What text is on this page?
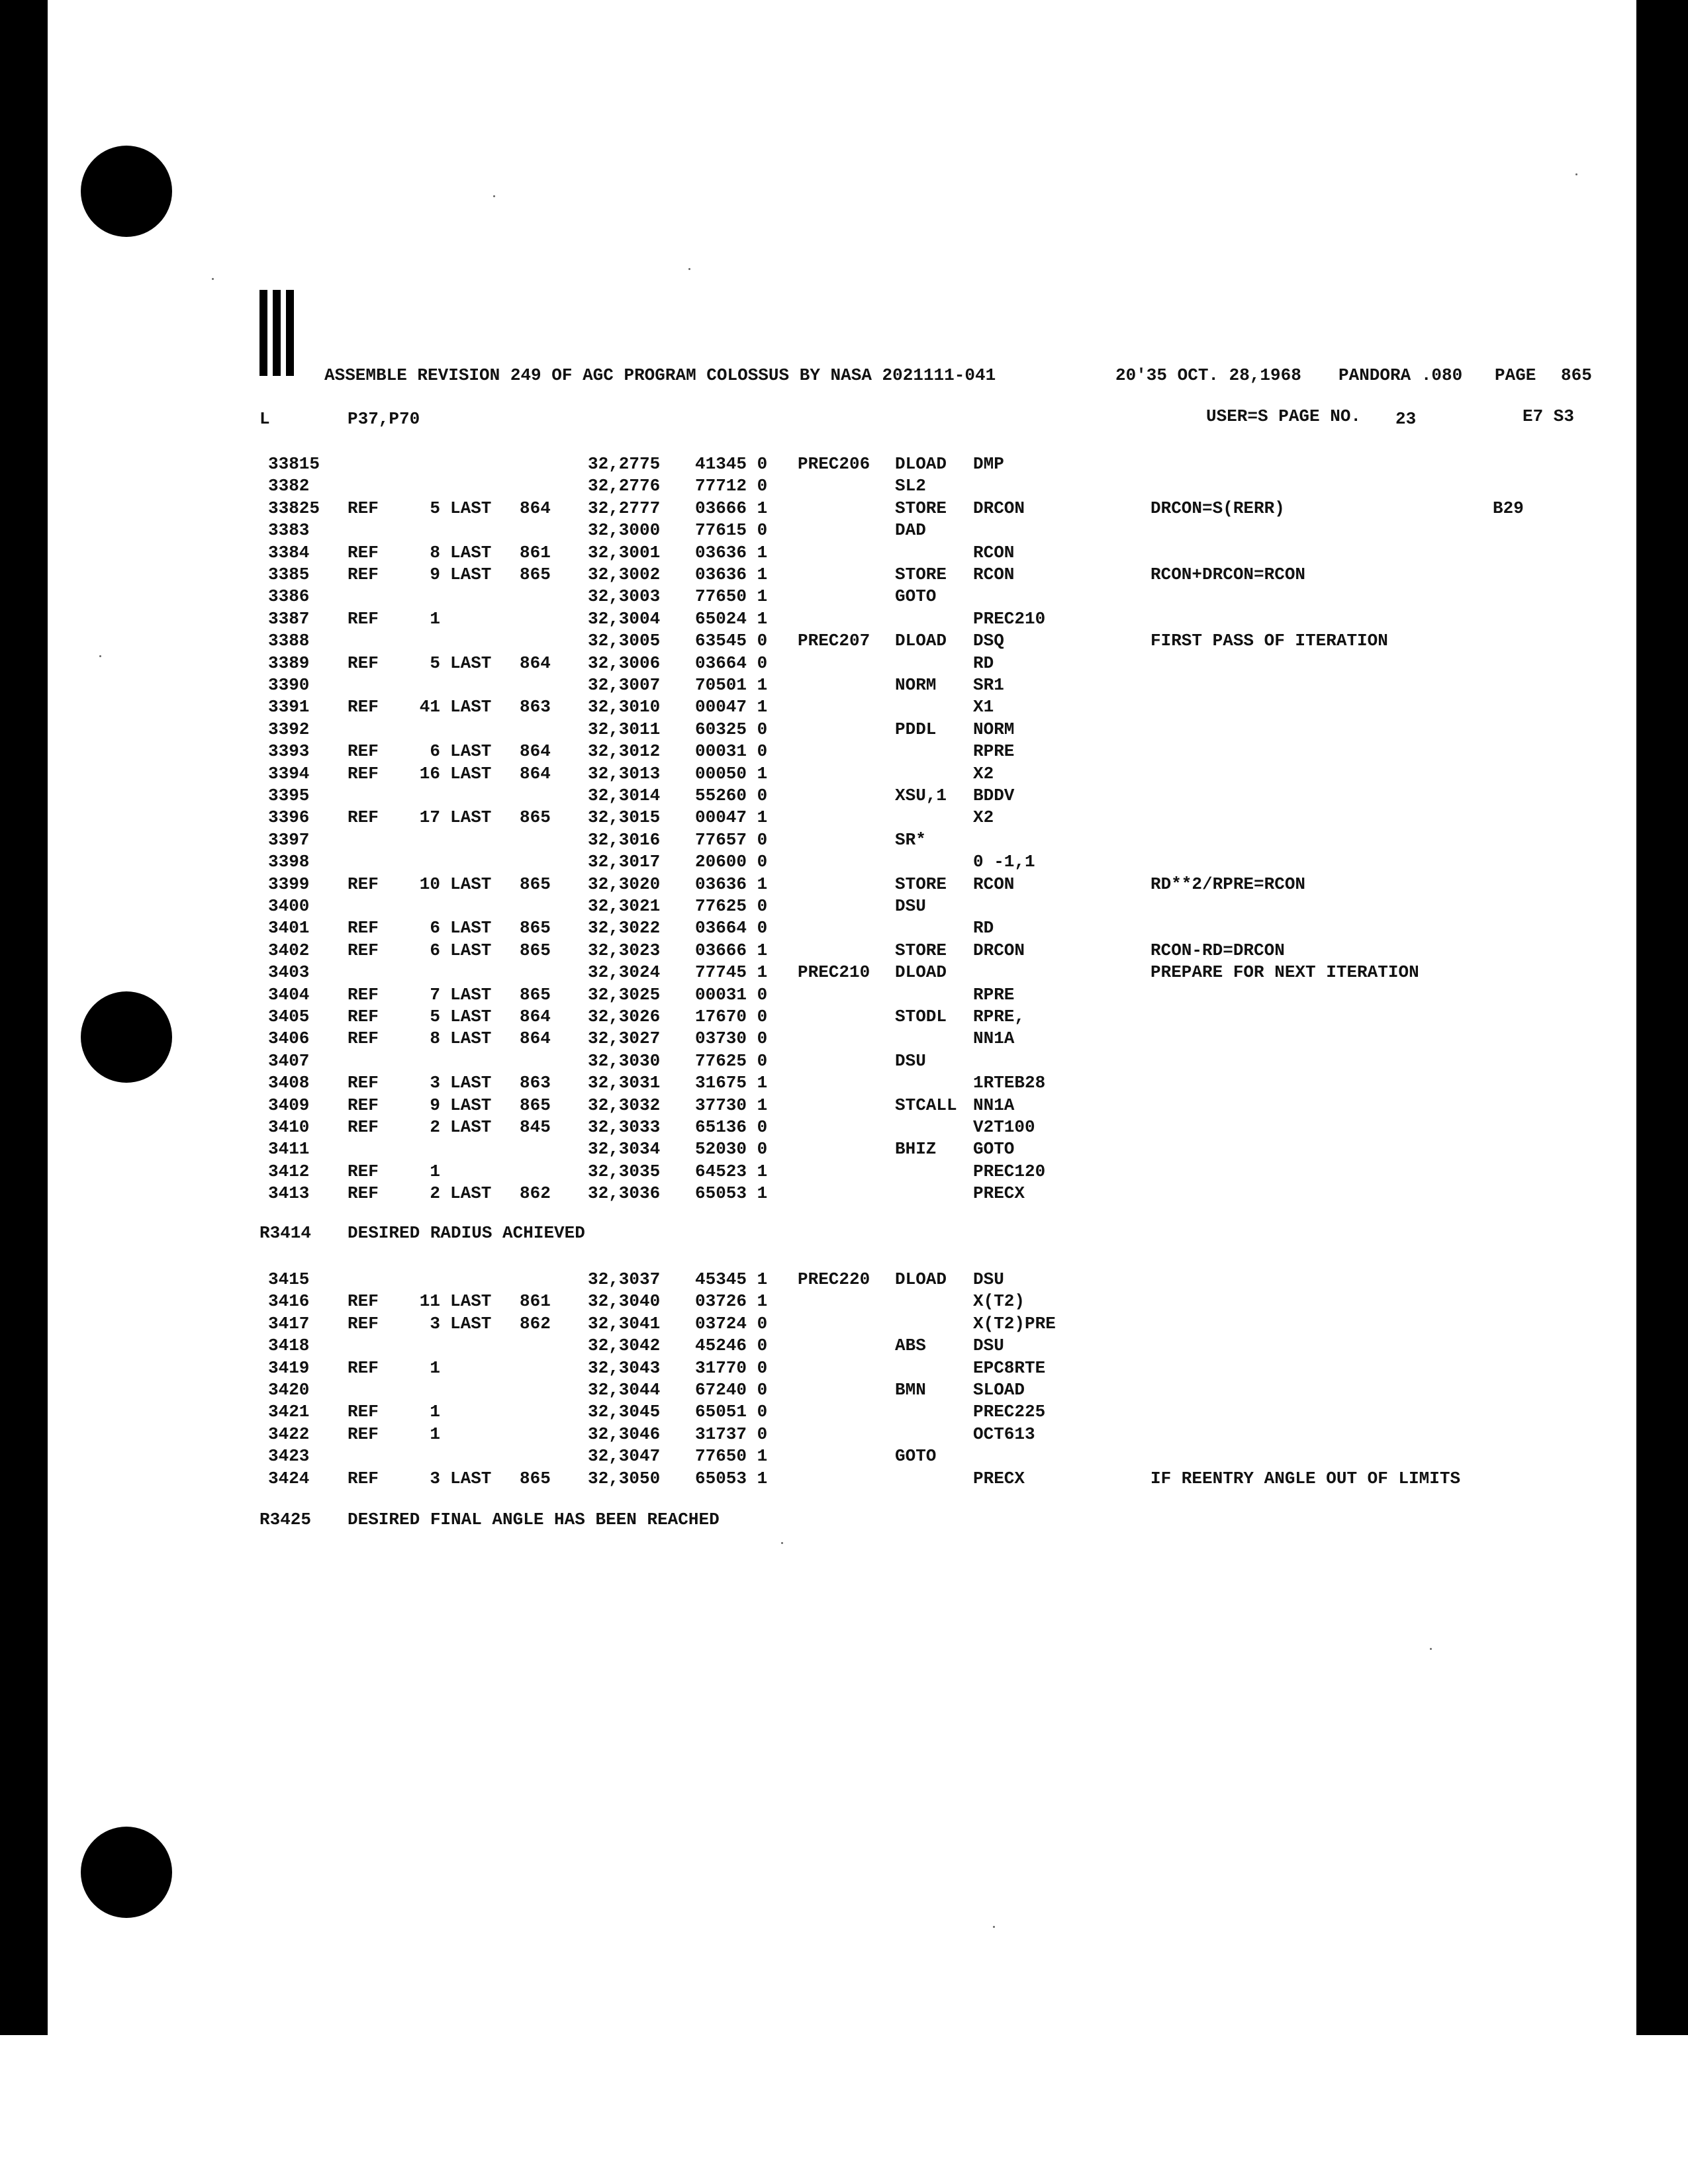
ASSEMBLE REVISION 249 OF AGC PROGRAM COLOSSUS BY NASA 2021111-041	20'35 OCT. 28,1968 PANDORA .080 PAGE 865
L	P37,P70	USER=S PAGE NO. 23	E7 S3
33815	32,2775 41345 0 PREC206 DLOAD DMP
3382	32,2776 77712 0	SL2
33825 REF	5 LAST 864 32,2777 03666 1	STORE DRCON	DRCON=S(RERR)	B29
3383	32,3000 77615 0	DAD
3384 REF	8 LAST 861 32,3001 03636 1	RCON
3385 REF	9 LAST 865 32,3002 03636 1	STORE RCON	RCON+DRCON=RCON
3386	32,3003 77650 1	GOTO
3387 REF	1	32,3004 65024 1	PREC210
3388	32,3005 63545 0 PREC207 DLOAD DSQ	FIRST PASS OF ITERATION
3389 REF	5 LAST 864 32,3006 03664 0	RD
3390	32,3007 70501 1	NORM SR1
3391 REF	41 LAST 863 32,3010 00047 1	X1
3392	32,3011 60325 0	PDDL NORM
3393 REF	6 LAST 864 32,3012 00031 0	RPRE
3394 REF	16 LAST 864 32,3013 00050 1	X2
3395	32,3014 55260 0	XSU,1 BDDV
3396 REF	17 LAST 865 32,3015 00047 1	X2
3397	32,3016 77657 0	SR*
3398	32,3017 20600 0	0 -1,1
3399 REF	10 LAST 865 32,3020 03636 1	STORE RCON	RD**2/RPRE=RCON
3400	32,3021 77625 0	DSU
3401 REF	6 LAST 865 32,3022 03664 0	RD
3402 REF	6 LAST 865 32,3023 03666 1	STORE DRCON	RCON-RD=DRCON
3403	32,3024 77745 1 PREC210 DLOAD	PREPARE FOR NEXT ITERATION
3404 REF	7 LAST 865 32,3025 00031 0	RPRE
3405 REF	5 LAST 864 32,3026 17670 0	STODL RPRE,
3406 REF	8 LAST 864 32,3027 03730 0	NN1A
3407	32,3030 77625 0	DSU
3408 REF	3 LAST 863 32,3031 31675 1	1RTEB28
3409 REF	9 LAST 865 32,3032 37730 1	STCALL NN1A
3410 REF	2 LAST 845 32,3033 65136 0	V2T100
3411	32,3034 52030 0	BHIZ GOTO
3412 REF	1	32,3035 64523 1	PREC120
3413 REF	2 LAST 862 32,3036 65053 1	PRECX
R3414 DESIRED RADIUS ACHIEVED
3415	32,3037 45345 1 PREC220 DLOAD DSU
3416 REF	11 LAST 861 32,3040 03726 1	X(T2)
3417 REF	3 LAST 862 32,3041 03724 0	X(T2)PRE
3418	32,3042 45246 0	ABS	DSU
3419 REF	1	32,3043 31770 0	EPC8RTE
3420	32,3044 67240 0	BMN	SLOAD
3421 REF	1	32,3045 65051 0	PREC225
3422 REF	1	32,3046 31737 0	OCT613
3423	32,3047 77650 1	GOTO
3424 REF	3 LAST 865 32,3050 65053 1	PRECX	IF REENTRY ANGLE OUT OF LIMITS
R3425 DESIRED FINAL ANGLE HAS BEEN REACHED
